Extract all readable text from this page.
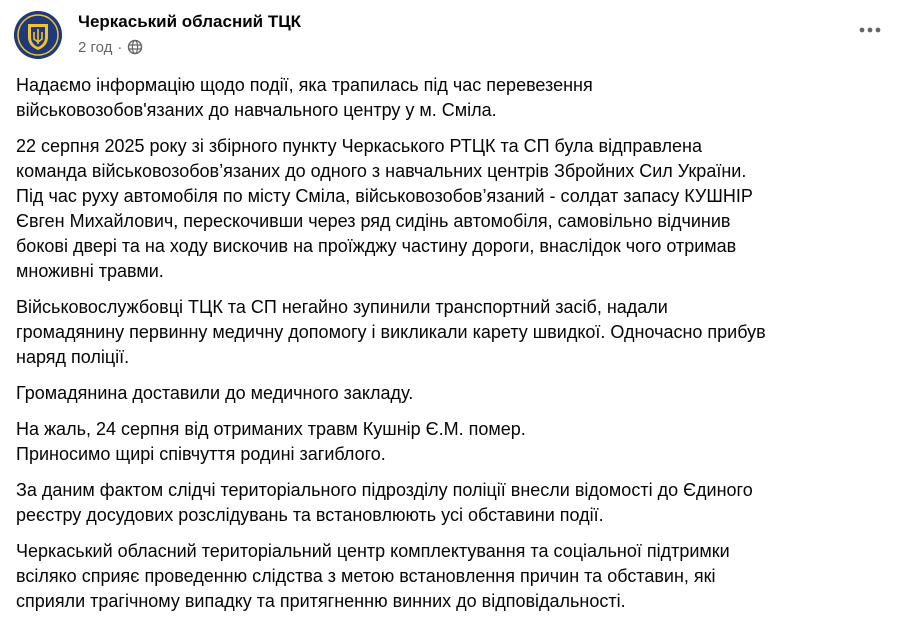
Черкаський обласний ТЦК
2 год ·

Надаємо інформацію щодо події, яка трапилась під час перевезення
військовозобов'язаних до навчального центру у м. Сміла.

22 серпня 2025 року зі збірного пункту Черкаського РТЦК та СП була відправлена
команда військовозобов’язаних до одного з навчальних центрів Збройних Сил України.
Під час руху автомобіля по місту Сміла, військовозобов’язаний - солдат запасу КУШНІР
Євген Михайлович, перескочивши через ряд сидінь автомобіля, самовільно відчинив
бокові двері та на ходу вискочив на проїжджу частину дороги, внаслідок чого отримав
множивні травми.

Військовослужбовці ТЦК та СП негайно зупинили транспортний засіб, надали
громадянину первинну медичну допомогу і викликали карету швидкої. Одночасно прибув
наряд поліції.

Громадянина доставили до медичного закладу.

На жаль, 24 серпня від отриманих травм Кушнір Є.М. помер.
Приносимо щирі співчуття родині загиблого.

За даним фактом слідчі територіального підрозділу поліції внесли відомості до Єдиного
реєстру досудових розслідувань та встановлюють усі обставини події.

Черкаський обласний територіальний центр комплектування та соціальної підтримки
всіляко сприяє проведенню слідства з метою встановлення причин та обставин, які
сприяли трагічному випадку та притягненню винних до відповідальності.
